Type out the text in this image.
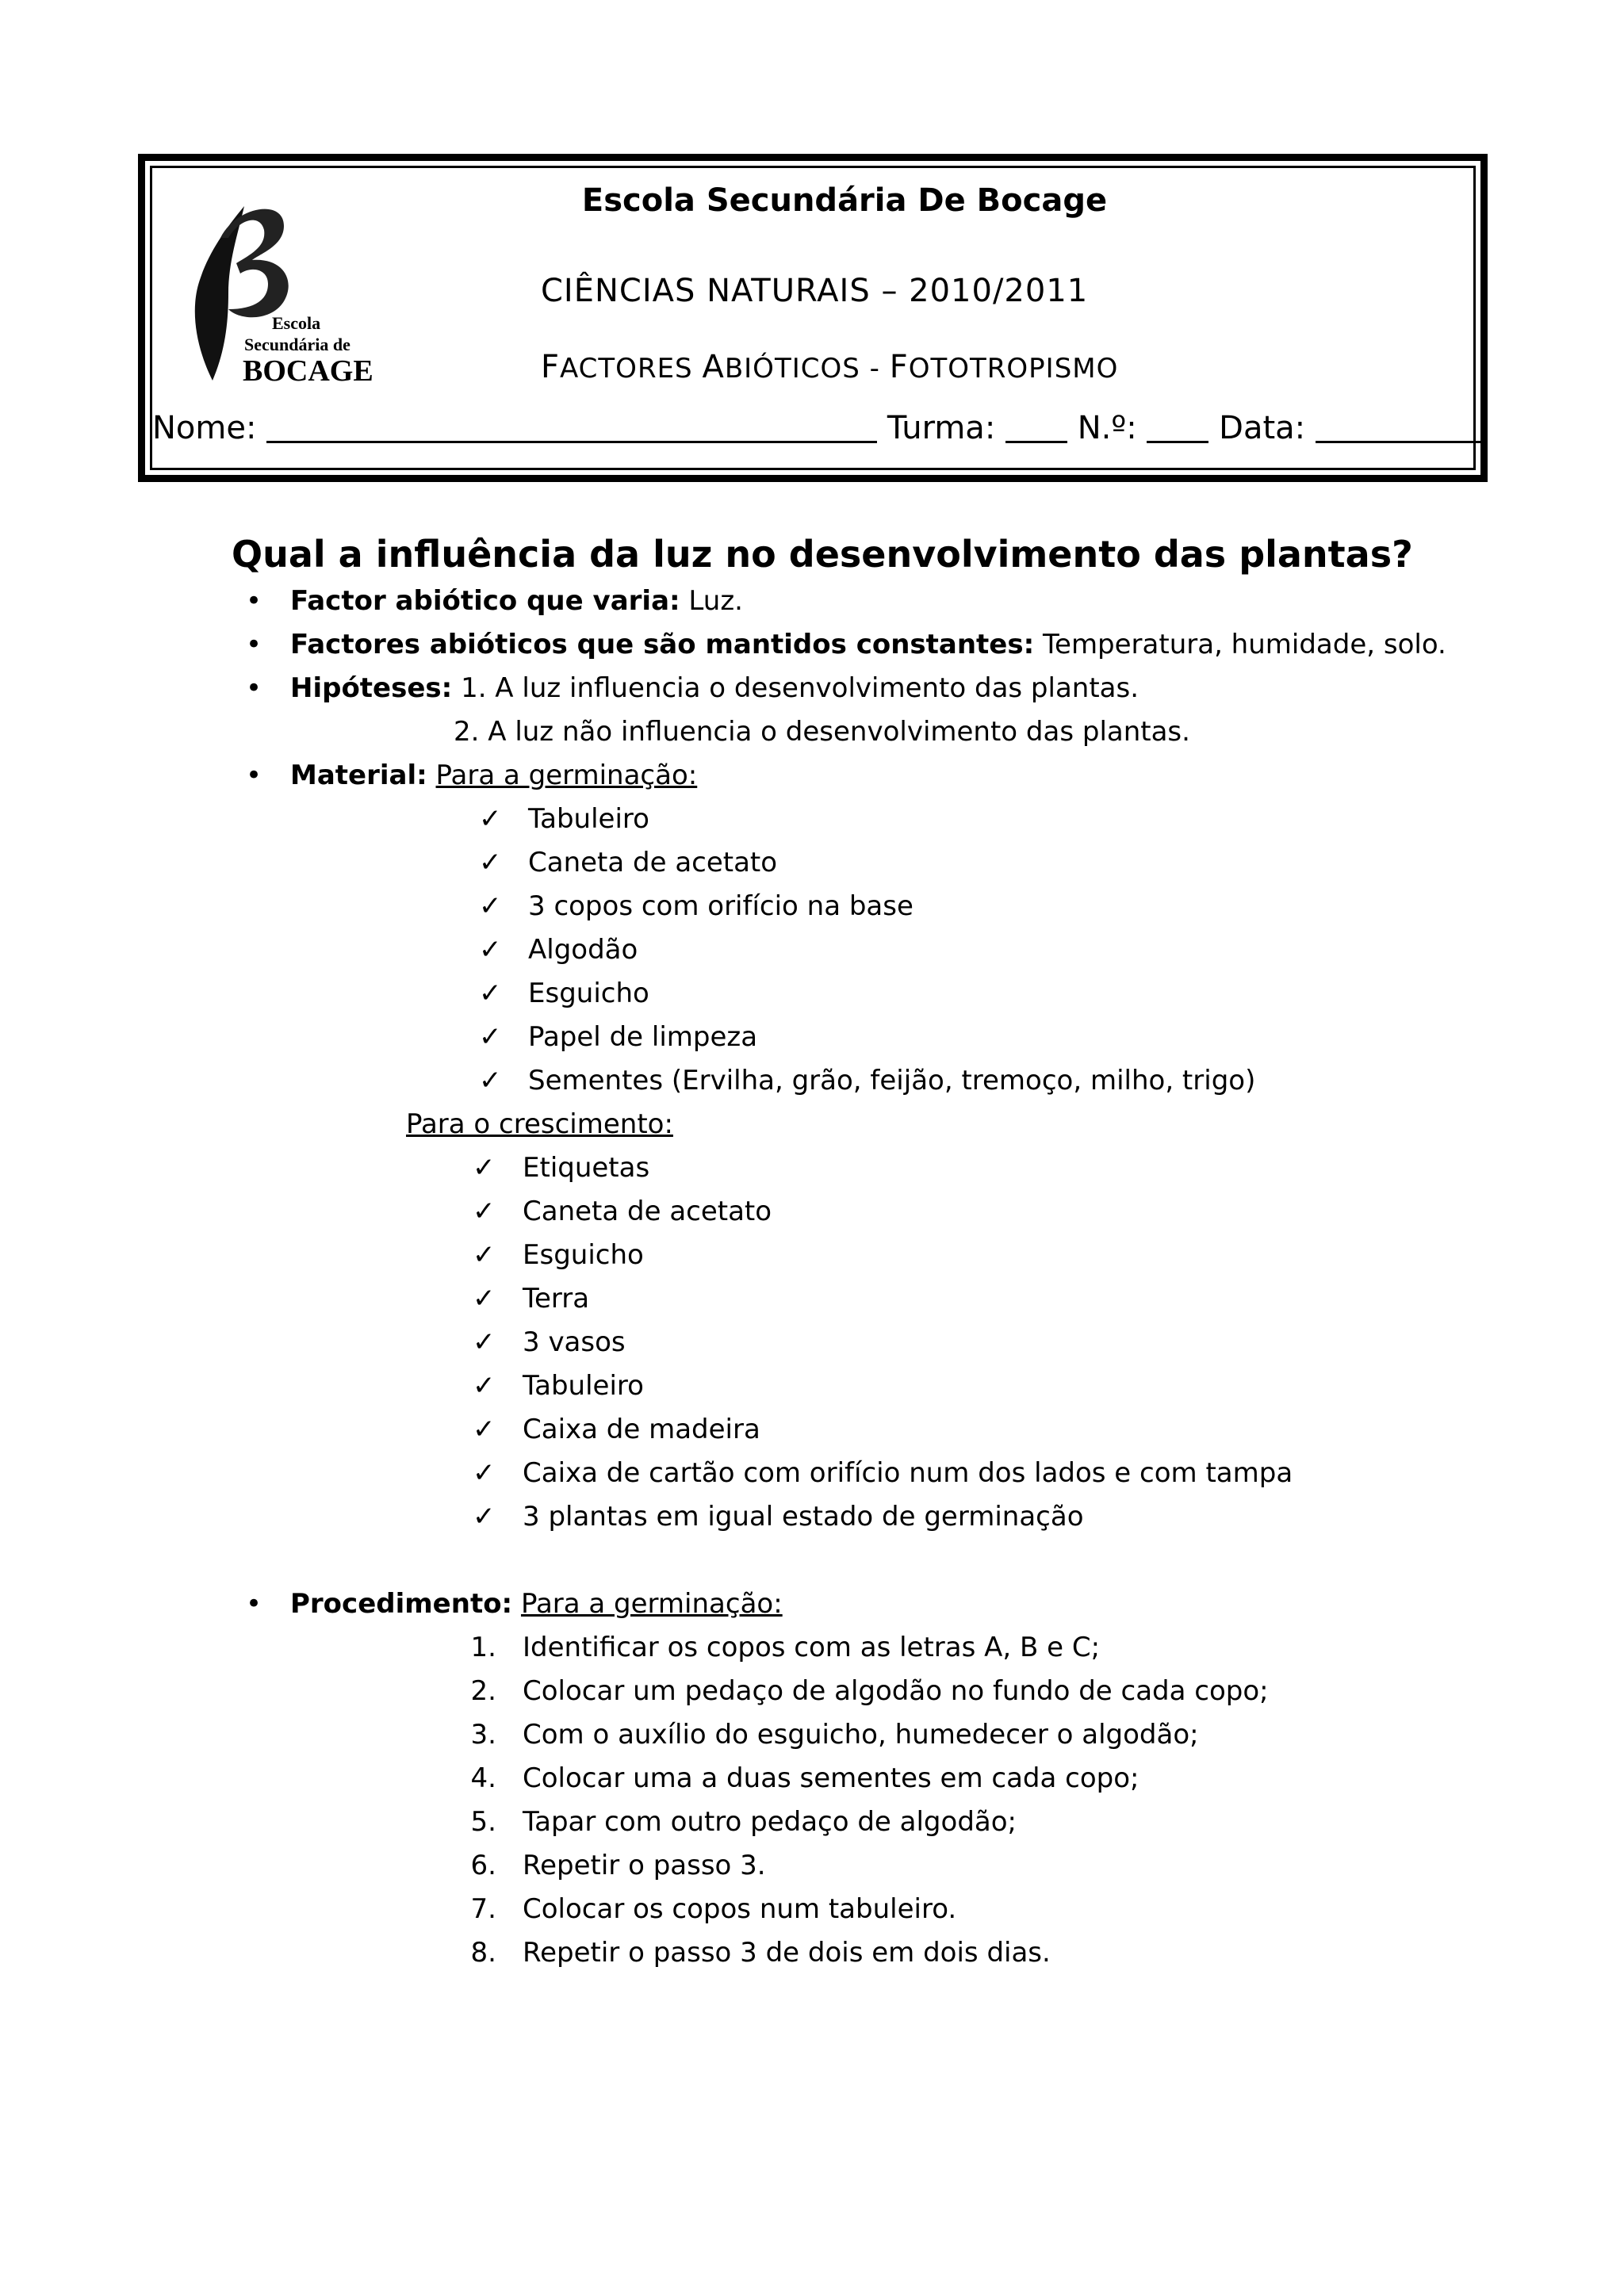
Escola
Secundária de
BOCAGE
Escola Secundária De Bocage
CIÊNCIAS NATURAIS – 2010/2011
FACTORES ABIÓTICOS - FOTOTROPISMO
Nome:	Turma:	N.º:	Data:
Qual a influência da luz no desenvolvimento das plantas?
•
Factor abiótico que varia: Luz.
•
Factores abióticos que são mantidos constantes: Temperatura, humidade, solo.
•
Hipóteses: 1. A luz influencia o desenvolvimento das plantas.
2. A luz não influencia o desenvolvimento das plantas.
•
Material: Para a germinação:
✓ Tabuleiro
✓ Caneta de acetato
✓ 3 copos com orifício na base
✓ Algodão
✓ Esguicho
✓ Papel de limpeza
✓ Sementes (Ervilha, grão, feijão, tremoço, milho, trigo)
Para o crescimento:
✓ Etiquetas
✓ Caneta de acetato
✓ Esguicho
✓ Terra
✓ 3 vasos
✓ Tabuleiro
✓ Caixa de madeira
✓ Caixa de cartão com orifício num dos lados e com tampa
✓ 3 plantas em igual estado de germinação
•
Procedimento: Para a germinação:
1. Identificar os copos com as letras A, B e C;
2. Colocar um pedaço de algodão no fundo de cada copo;
3. Com o auxílio do esguicho, humedecer o algodão;
4. Colocar uma a duas sementes em cada copo;
5. Tapar com outro pedaço de algodão;
6. Repetir o passo 3.
7. Colocar os copos num tabuleiro.
8. Repetir o passo 3 de dois em dois dias.
